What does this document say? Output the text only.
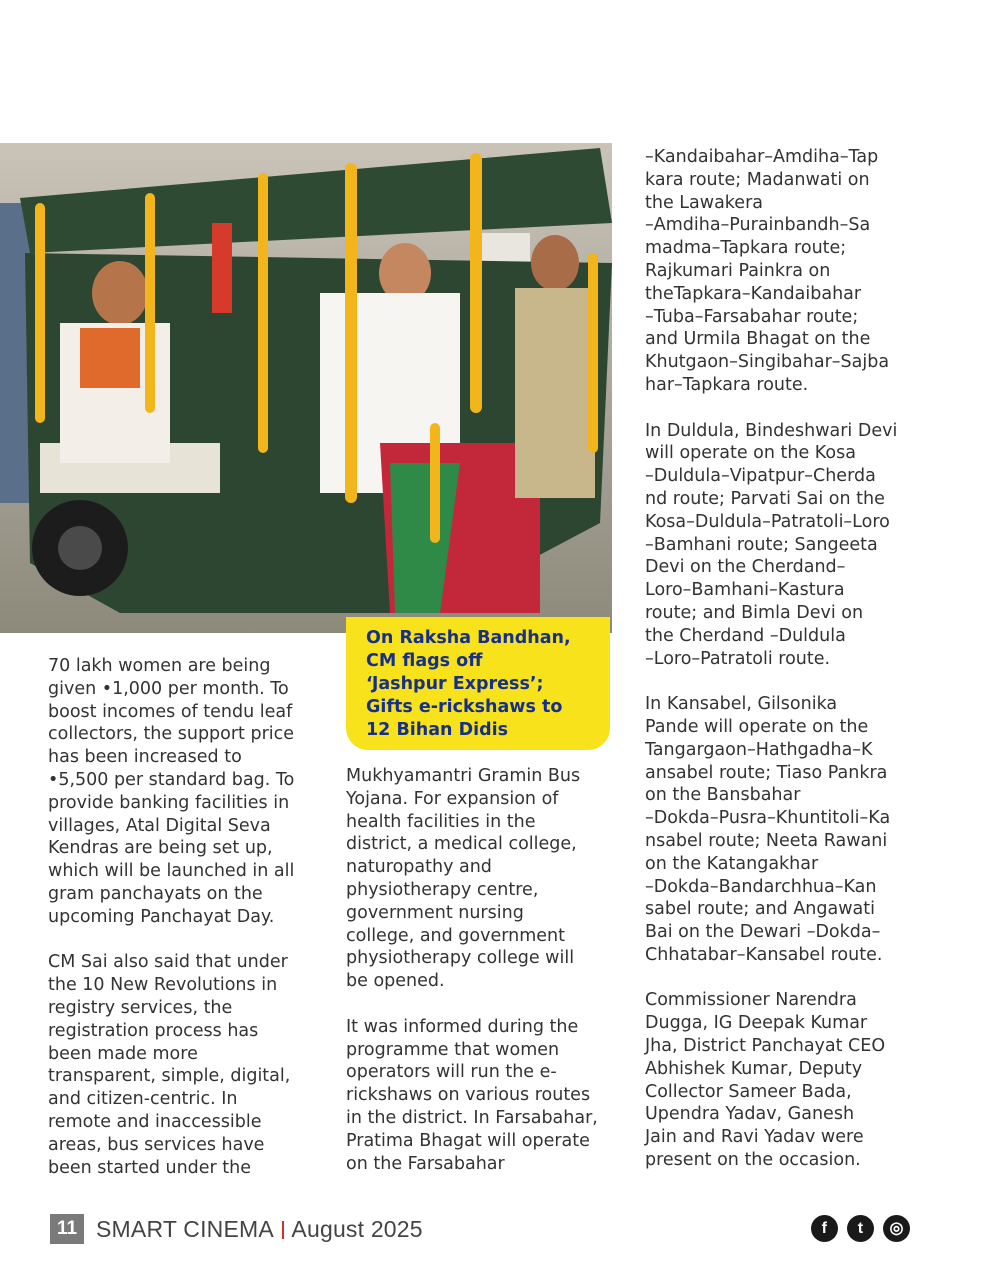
On Raksha Bandhan,
CM flags off
‘Jashpur Express’;
Gifts e-rickshaws to
12 Bihan Didis

70 lakh women are being
given •1,000 per month. To
boost incomes of tendu leaf
collectors, the support price
has been increased to
•5,500 per standard bag. To
provide banking facilities in
villages, Atal Digital Seva
Kendras are being set up,
which will be launched in all
gram panchayats on the
upcoming Panchayat Day.

CM Sai also said that under
the 10 New Revolutions in
registry services, the
registration process has
been made more
transparent, simple, digital,
and citizen-centric. In
remote and inaccessible
areas, bus services have
been started under the

Mukhyamantri Gramin Bus
Yojana. For expansion of
health facilities in the
district, a medical college,
naturopathy and
physiotherapy centre,
government nursing
college, and government
physiotherapy college will
be opened.

It was informed during the
programme that women
operators will run the e-
rickshaws on various routes
in the district. In Farsabahar,
Pratima Bhagat will operate
on the Farsabahar

–Kandaibahar–Amdiha–Tap
kara route; Madanwati on
the Lawakera
–Amdiha–Purainbandh–Sa
madma–Tapkara route;
Rajkumari Painkra on
theTapkara–Kandaibahar
–Tuba–Farsabahar route;
and Urmila Bhagat on the
Khutgaon–Singibahar–Sajba
har–Tapkara route.

In Duldula, Bindeshwari Devi
will operate on the Kosa
–Duldula–Vipatpur–Cherda
nd route; Parvati Sai on the
Kosa–Duldula–Patratoli–Loro
–Bamhani route; Sangeeta
Devi on the Cherdand–
Loro–Bamhani–Kastura
route; and Bimla Devi on
the Cherdand –Duldula
–Loro–Patratoli route.

In Kansabel, Gilsonika
Pande will operate on the
Tangargaon–Hathgadha–K
ansabel route; Tiaso Pankra
on the Bansbahar
–Dokda–Pusra–Khuntitoli–Ka
nsabel route; Neeta Rawani
on the Katangakhar
–Dokda–Bandarchhua–Kan
sabel route; and Angawati
Bai on the Dewari –Dokda–
Chhatabar–Kansabel route.

Commissioner Narendra
Dugga, IG Deepak Kumar
Jha, District Panchayat CEO
Abhishek Kumar, Deputy
Collector Sameer Bada,
Upendra Yadav, Ganesh
Jain and Ravi Yadav were
present on the occasion.

11 SMART CINEMA August 2025	f t ◎
